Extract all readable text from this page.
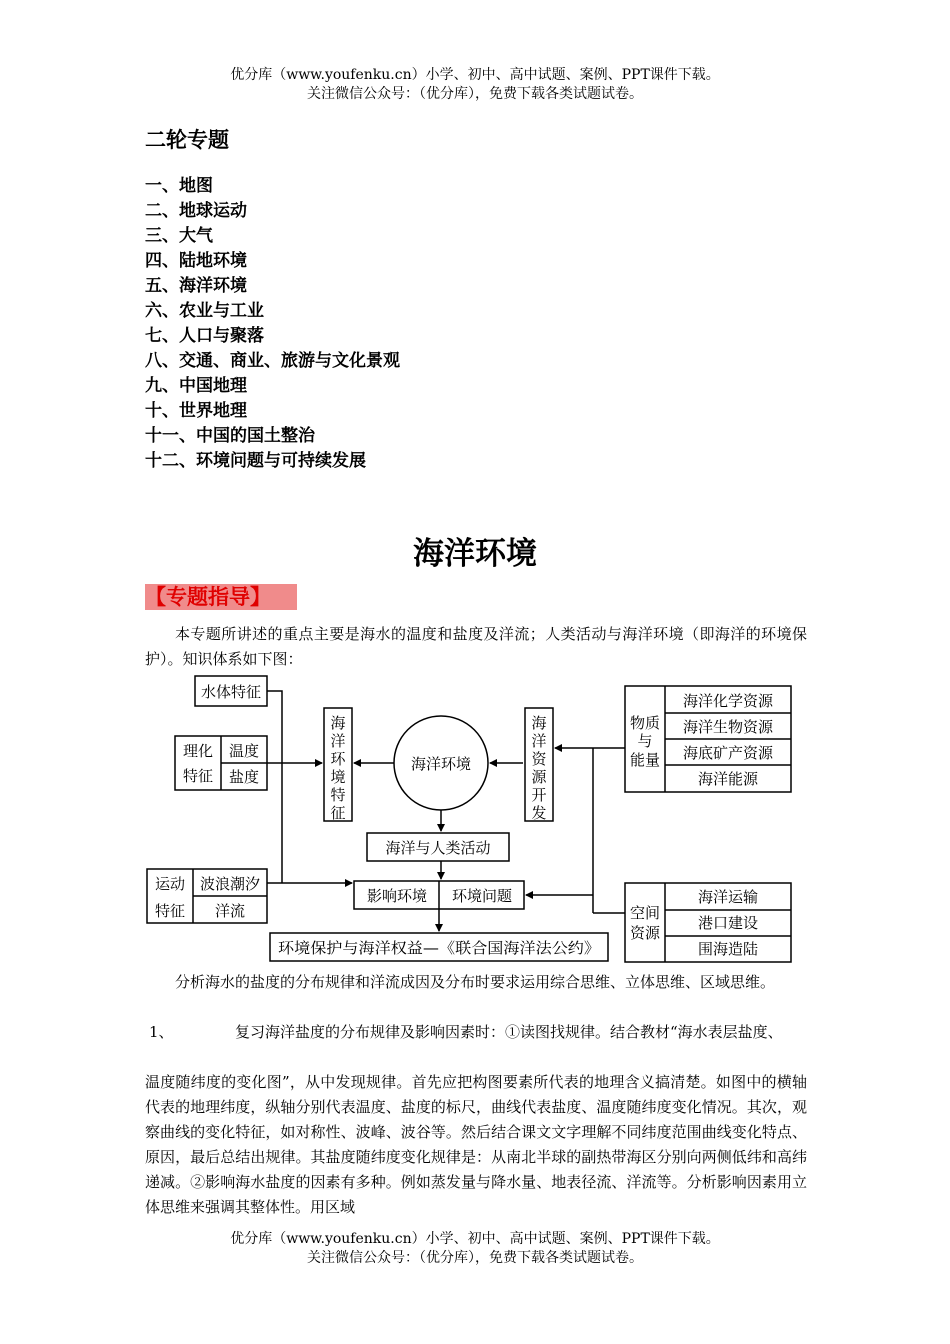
优分库（www.youfenku.cn）小学、初中、高中试题、案例、PPT课件下载。
关注微信公众号：（优分库），免费下载各类试题试卷。
二轮专题
一、地图
二、地球运动
三、大气
四、陆地环境
五、海洋环境
六、农业与工业
七、人口与聚落
八、交通、商业、旅游与文化景观
九、中国地理
十、世界地理
十一、中国的国土整治
十二、环境问题与可持续发展
海洋环境
【专题指导】
本专题所讲述的重点主要是海水的温度和盐度及洋流；人类活动与海洋环境（即海洋的环境保护）。知识体系如下图：
水体特征
理化
特征
温度
盐度
运动
特征
波浪潮汐
洋流
海
洋
环
境
特
征
海洋环境
海
洋
资
源
开
发
物质
与
能量
海洋化学资源
海洋生物资源
海底矿产资源
海洋能源
海洋与人类活动
影响环境 环境问题
空间
资源
海洋运输
港口建设
围海造陆
环境保护与海洋权益—《联合国海洋法公约》
分析海水的盐度的分布规律和洋流成因及分布时要求运用综合思维、立体思维、区域思维。
1、	复习海洋盐度的分布规律及影响因素时：①读图找规律。结合教材“海水表层盐度、
温度随纬度的变化图”，从中发现规律。首先应把构图要素所代表的地理含义搞清楚。如图中的横轴代表的地理纬度，纵轴分别代表温度、盐度的标尺，曲线代表盐度、温度随纬度变化情况。其次，观察曲线的变化特征，如对称性、波峰、波谷等。然后结合课文文字理解不同纬度范围曲线变化特点、原因，最后总结出规律。其盐度随纬度变化规律是：从南北半球的副热带海区分别向两侧低纬和高纬递减。②影响海水盐度的因素有多种。例如蒸发量与降水量、地表径流、洋流等。分析影响因素用立体思维来强调其整体性。用区域
优分库（www.youfenku.cn）小学、初中、高中试题、案例、PPT课件下载。
关注微信公众号：（优分库），免费下载各类试题试卷。
